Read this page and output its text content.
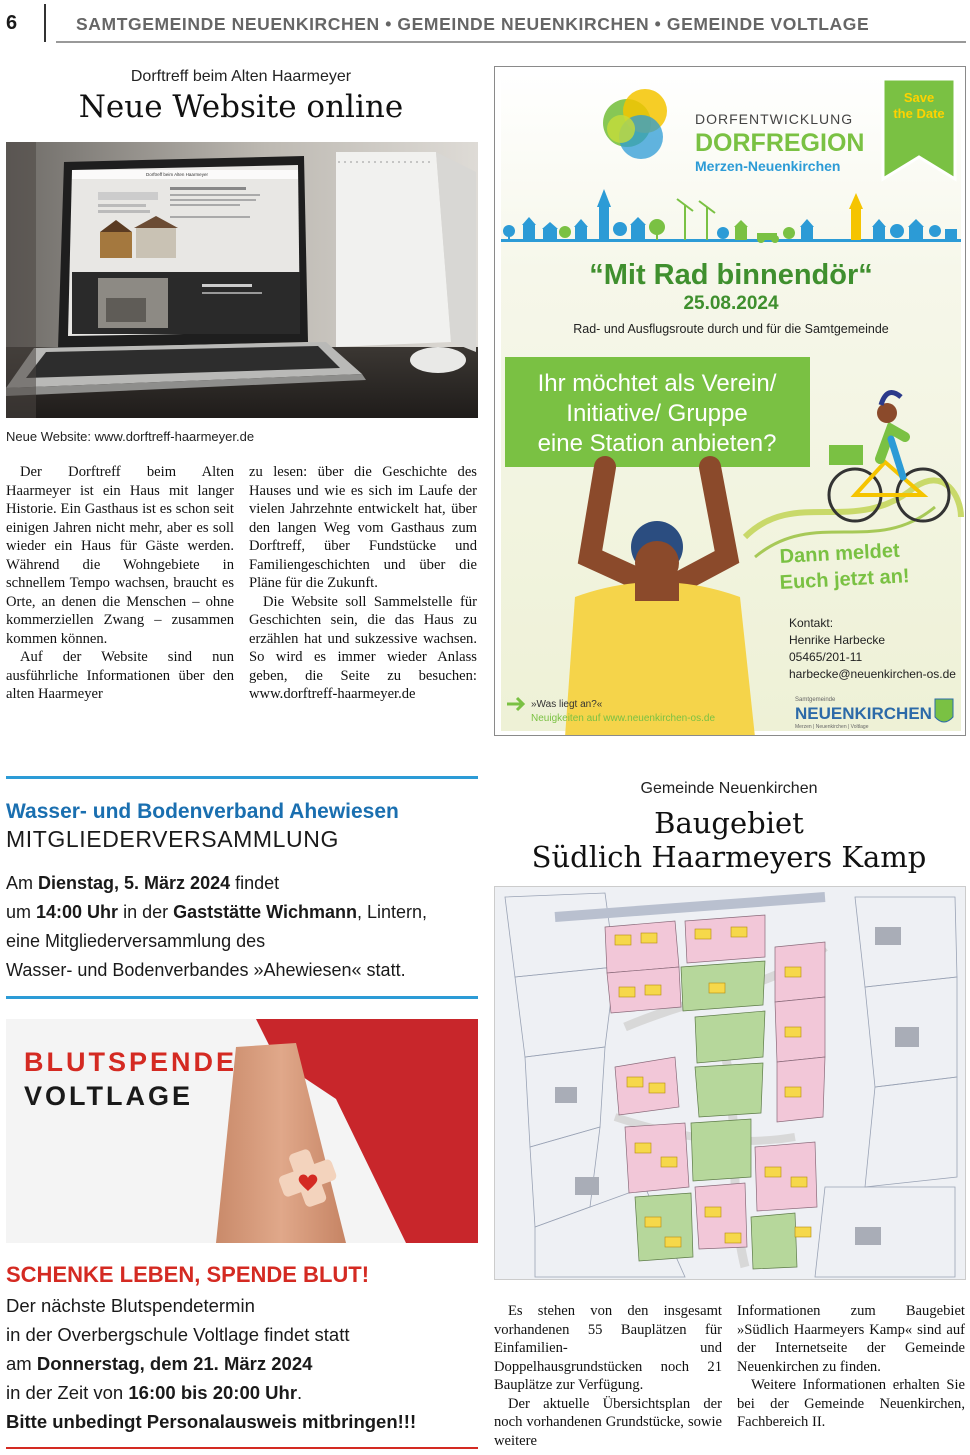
6	SAMTGEMEINDE NEUENKIRCHEN • GEMEINDE NEUENKIRCHEN • GEMEINDE VOLTLAGE
Dorftreff beim Alten Haarmeyer
Neue Website online
Dorftreff beim Alten Haarmeyer
Neue Website: www.dorftreff-haarmeyer.de

Der Dorftreff beim Alten Haarmeyer ist ein Haus mit langer Historie. Ein Gasthaus ist es schon seit einigen Jahren nicht mehr, aber es soll wieder ein Haus für Gäste werden. Während die Wohngebiete in schnellem Tempo wachsen, braucht es Orte, an denen die Menschen – ohne kommerziellen Zwang – zusammen kommen können.

Auf der Website sind nun ausführliche Informationen über den alten Haarmeyer

zu lesen: über die Geschichte des Hauses und wie es sich im Laufe der vielen Jahrzehnte entwickelt hat, über den langen Weg vom Gasthaus zum Dorftreff, über Fundstücke und Familiengeschichten und über die Pläne für die Zukunft.

Die Website soll Sammelstelle für Geschichten sein, die das Haus zu erzählen hat und sukzessive wachsen. So wird es immer wieder Anlass geben, die Seite zu besuchen: www.dorftreff-haarmeyer.de

DORFENTWICKLUNG
DORFREGION
Merzen-Neuenkirchen
Save
the Date
“Mit Rad binnendör“
25.08.2024
Rad- und Ausflugsroute durch und für die Samtgemeinde
Ihr möchtet als Verein/
Initiative/ Gruppe
eine Station anbieten?
Dann meldet
Euch jetzt an!
Kontakt:
Henrike Harbecke
05465/201-11
harbecke@neuenkirchen-os.de
»Was liegt an?«
Neuigkeiten auf www.neuenkirchen-os.de
Samtgemeinde
NEUENKIRCHEN
Merzen | Neuenkirchen | Voltlage
Wasser- und Bodenverband Ahewiesen
MITGLIEDERVERSAMMLUNG
Am Dienstag, 5. März 2024 findet
um 14:00 Uhr in der Gaststätte Wichmann, Lintern,
eine Mitgliederversammlung des
Wasser- und Bodenverbandes »Ahewiesen« statt.
BLUTSPENDE
VOLTLAGE
SCHENKE LEBEN, SPENDE BLUT!
Der nächste Blutspendetermin
in der Overbergschule Voltlage findet statt
am Donnerstag, dem 21. März 2024
in der Zeit von 16:00 bis 20:00 Uhr.
Bitte unbedingt Personalausweis mitbringen!!!
Gemeinde Neuenkirchen
Baugebiet
Südlich Haarmeyers Kamp

Es stehen von den insgesamt vorhandenen 55 Bauplätzen für Einfamilien- und Doppelhausgrundstücken noch 21 Bauplätze zur Verfügung.

Der aktuelle Übersichtsplan der noch vorhandenen Grundstücke, sowie weitere

Informationen zum Baugebiet »Südlich Haarmeyers Kamp« sind auf der Internetseite der Gemeinde Neuenkirchen zu finden.

Weitere Informationen erhalten Sie bei der Gemeinde Neuenkirchen, Fachbereich II.
